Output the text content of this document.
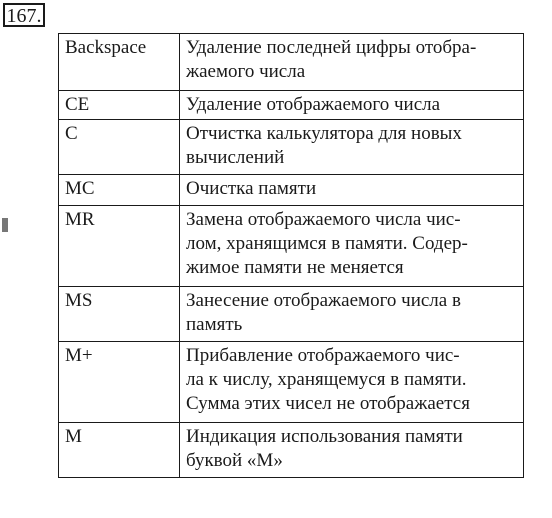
167.
Backspace	Удаление последней цифры отобра-
жаемого числа
CE	Удаление отображаемого числа
C	Отчистка калькулятора для новых
вычислений
MC	Очистка памяти
MR	Замена отображаемого числа чис-
лом, хранящимся в памяти. Содер-
жимое памяти не меняется
MS	Занесение отображаемого числа в
память
M+	Прибавление отображаемого чис-
ла к числу, хранящемуся в памяти.
Сумма этих чисел не отображается
M	Индикация использования памяти
буквой «М»
